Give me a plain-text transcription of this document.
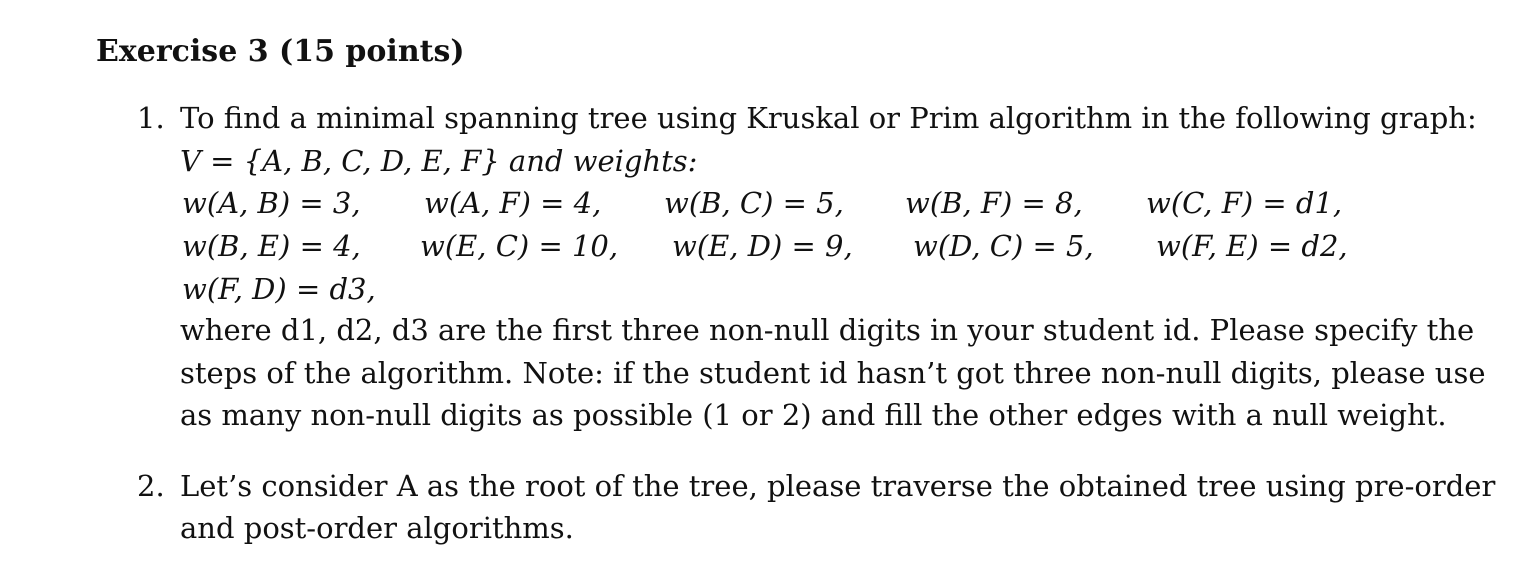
Exercise 3 (15 points)
1. To find a minimal spanning tree using Kruskal or Prim algorithm in the following graph:
V = {A, B, C, D, E, F} and weights:
w(A, B) = 3, w(A, F) = 4, w(B, C) = 5, w(B, F) = 8, w(C, F) = d1,
w(B, E) = 4, w(E, C) = 10, w(E, D) = 9, w(D, C) = 5, w(F, E) = d2,
w(F, D) = d3,
where d1, d2, d3 are the first three non-null digits in your student id. Please specify the
steps of the algorithm. Note: if the student id hasn’t got three non-null digits, please use
as many non-null digits as possible (1 or 2) and fill the other edges with a null weight.
2. Let’s consider A as the root of the tree, please traverse the obtained tree using pre-order
and post-order algorithms.
